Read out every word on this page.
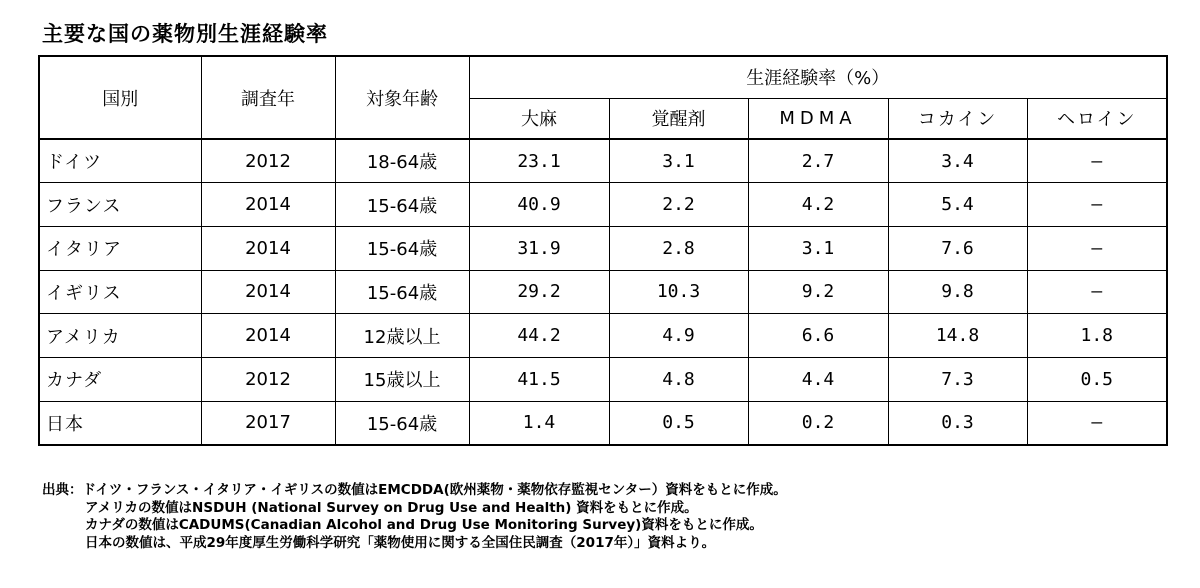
主要な国の薬物別生涯経験率
国別	調査年	対象年齢	生涯経験率（%）				
			大麻	覚醒剤	MDMA	コカイン	ヘロイン
ドイツ	2012	18-64歳	23.1	3.1	2.7	3.4	—
フランス	2014	15-64歳	40.9	2.2	4.2	5.4	—
イタリア	2014	15-64歳	31.9	2.8	3.1	7.6	—
イギリス	2014	15-64歳	29.2	10.3	9.2	9.8	—
アメリカ	2014	12歳以上	44.2	4.9	6.6	14.8	1.8
カナダ	2012	15歳以上	41.5	4.8	4.4	7.3	0.5
日本	2017	15-64歳	1.4	0.5	0.2	0.3	—
出典：ドイツ・フランス・イタリア・イギリスの数値はEMCDDA(欧州薬物・薬物依存監視センター）資料をもとに作成。
アメリカの数値はNSDUH (National Survey on Drug Use and Health) 資料をもとに作成。
カナダの数値はCADUMS(Canadian Alcohol and Drug Use Monitoring Survey)資料をもとに作成。
日本の数値は、平成29年度厚生労働科学研究「薬物使用に関する全国住民調査（2017年）」資料より。
